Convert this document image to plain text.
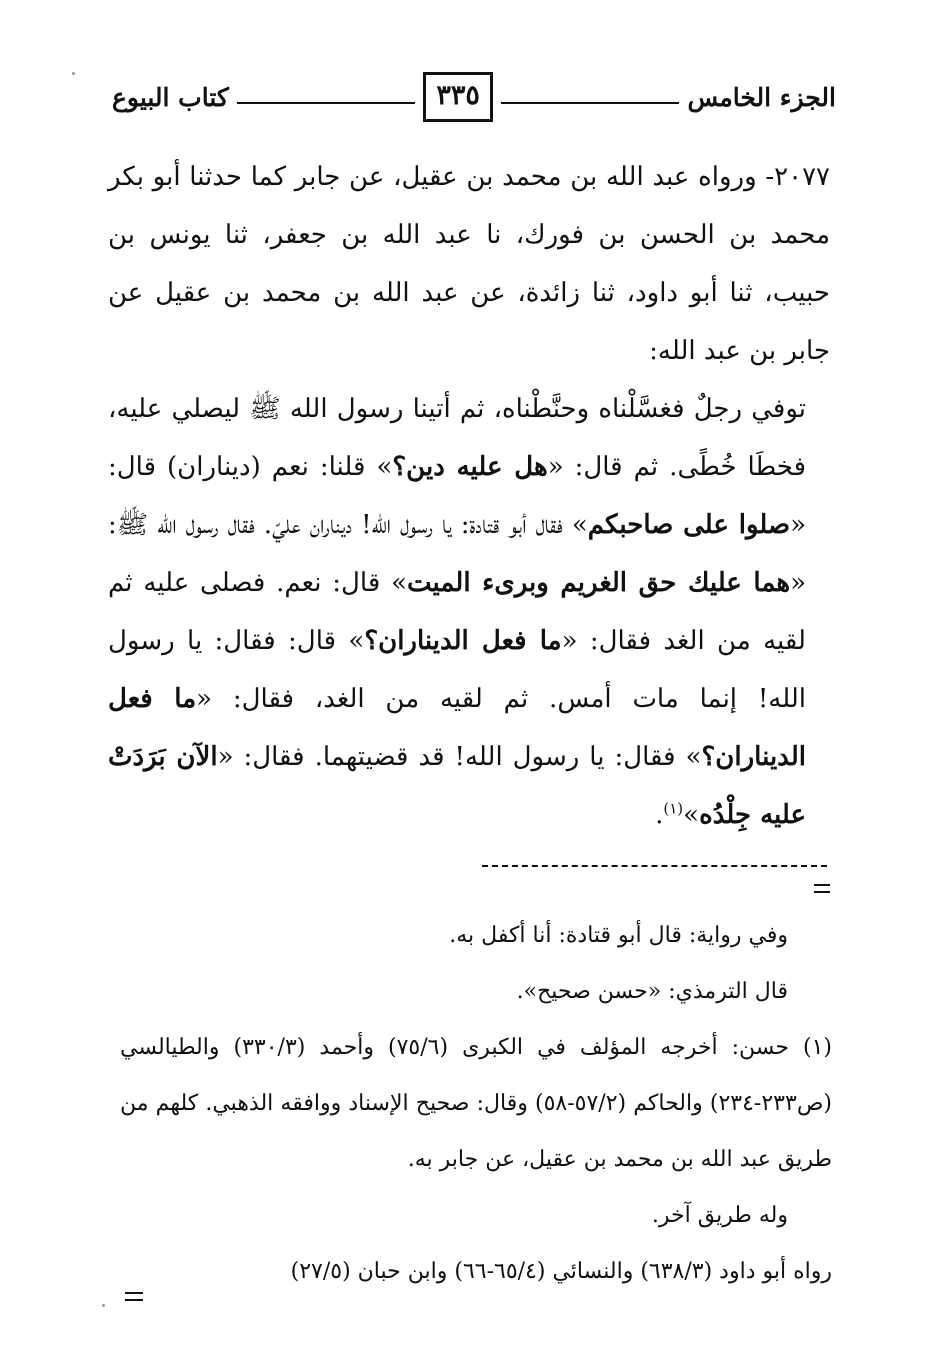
الجزء الخامس
٣٣٥
كتاب البيوع

٢٠٧٧- ورواه عبد الله بن محمد بن عقيل، عن جابر كما حدثنا أبو بكر محمد بن الحسن بن فورك، نا عبد الله بن جعفر، ثنا يونس بن حبيب، ثنا أبو داود، ثنا زائدة، عن عبد الله بن محمد بن عقيل عن جابر بن عبد الله:

توفي رجلٌ فغسَّلْناه وحنَّطْناه، ثم أتينا رسول الله ﷺ ليصلي عليه، فخطَا خُطًى. ثم قال: «هل عليه دين؟» قلنا: نعم (ديناران) قال: «صلوا على صاحبكم» فقال أبو قتادة: يا رسول الله! ديناران عليّ. فقال رسول الله ﷺ: «هما عليك حق الغريم وبرىء الميت» قال: نعم. فصلى عليه ثم لقيه من الغد فقال: «ما فعل الديناران؟» قال: فقال: يا رسول الله! إنما مات أمس. ثم لقيه من الغد، فقال: «ما فعل الديناران؟» فقال: يا رسول الله! قد قضيتهما. فقال: «الآن بَرَدَتْ عليه جِلْدُه»$^{(١)}$.

وفي رواية: قال أبو قتادة: أنا أكفل به.

قال الترمذي: «حسن صحيح».

(١) حسن: أخرجه المؤلف في الكبرى (٧٥/٦) وأحمد (٣٣٠/٣) والطيالسي (ص٢٣٣-٢٣٤) والحاكم (٥٧/٢-٥٨) وقال: صحيح الإسناد ووافقه الذهبي. كلهم من طريق عبد الله بن محمد بن عقيل، عن جابر به.

وله طريق آخر.

رواه أبو داود (٦٣٨/٣) والنسائي (٦٥/٤-٦٦) وابن حبان (٢٧/٥)
